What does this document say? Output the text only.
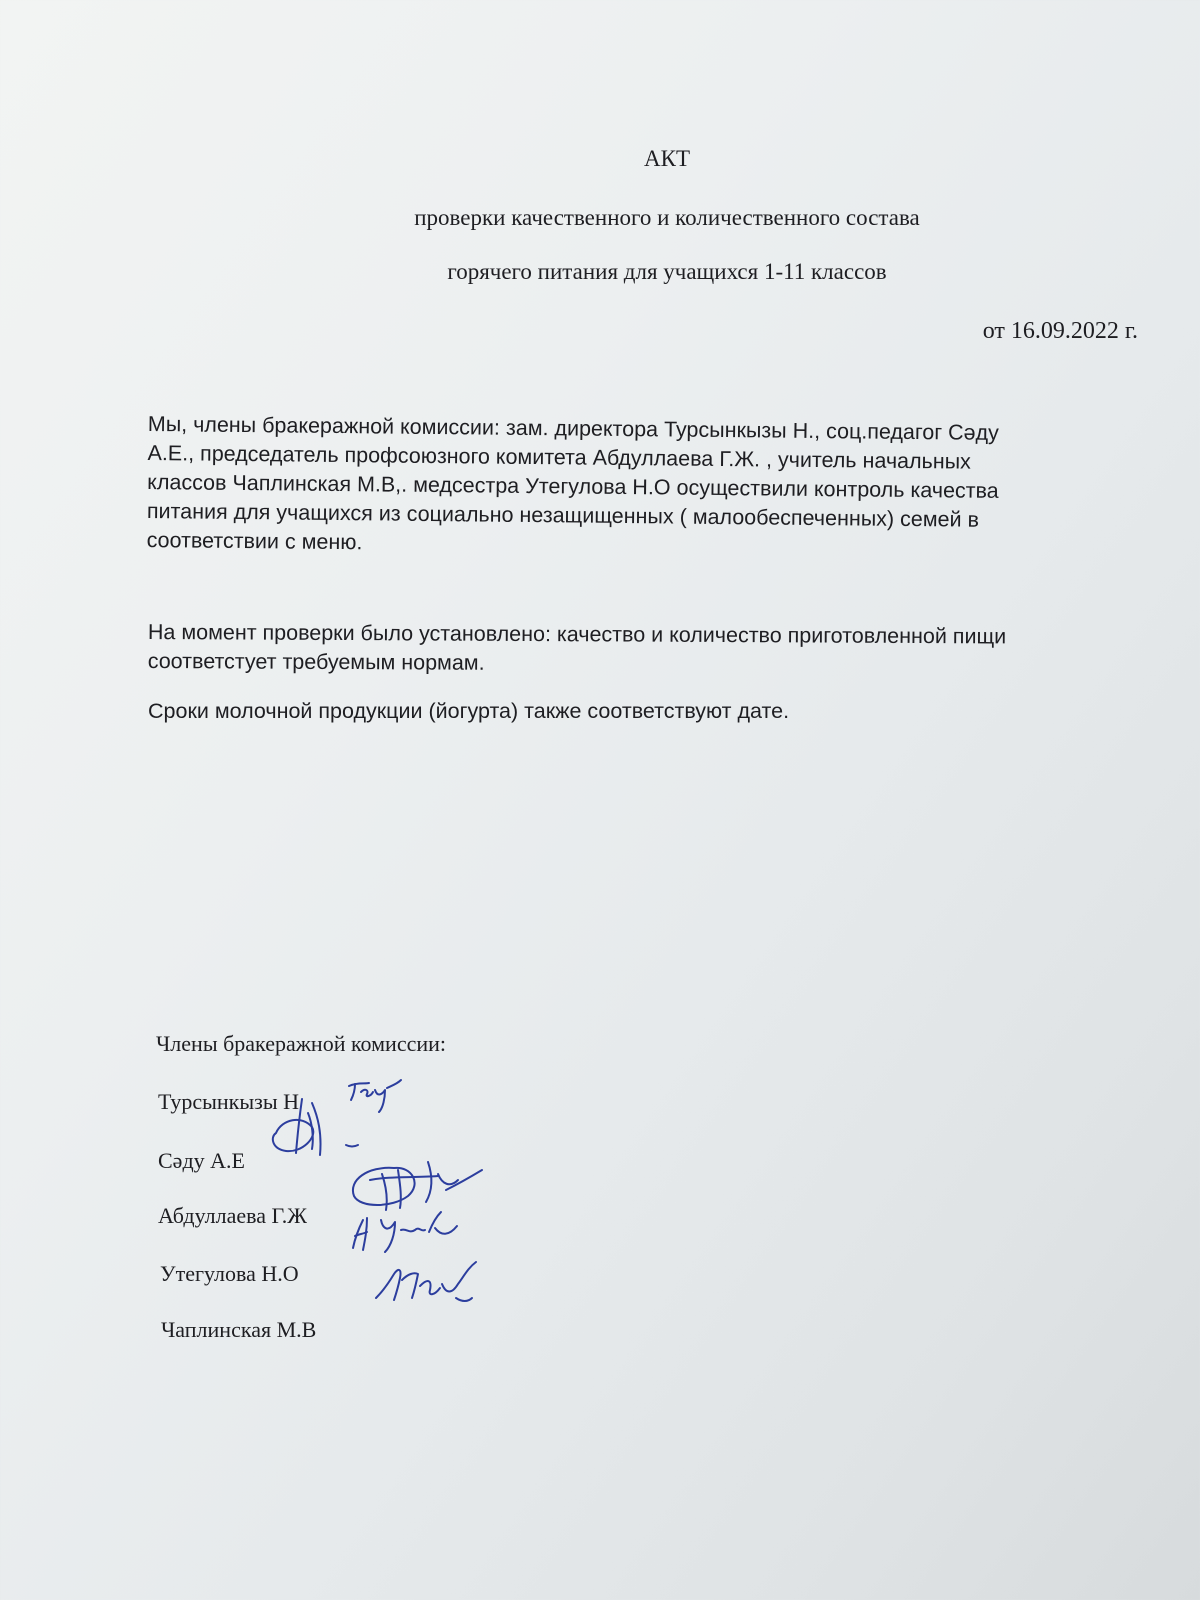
АКТ
проверки качественного и количественного состава
горячего питания для учащихся 1-11 классов
от 16.09.2022 г.
Мы, члены бракеражной комиссии: зам. директора Турсынкызы Н., соц.педагог Сәду
А.Е., председатель профсоюзного комитета Абдуллаева Г.Ж. , учитель начальных
классов Чаплинская М.В,. медсестра Утегулова Н.О осуществили контроль качества
питания для учащихся из социально незащищенных ( малообеспеченных) семей в
соответствии с меню.
На момент проверки было установлено: качество и количество приготовленной пищи
соответстует требуемым нормам.
Сроки молочной продукции (йогурта) также соответствуют дате.
Члены бракеражной комиссии:
Турсынкызы Н
Сәду А.Е
Абдуллаева Г.Ж
Утегулова Н.О
Чаплинская М.В
